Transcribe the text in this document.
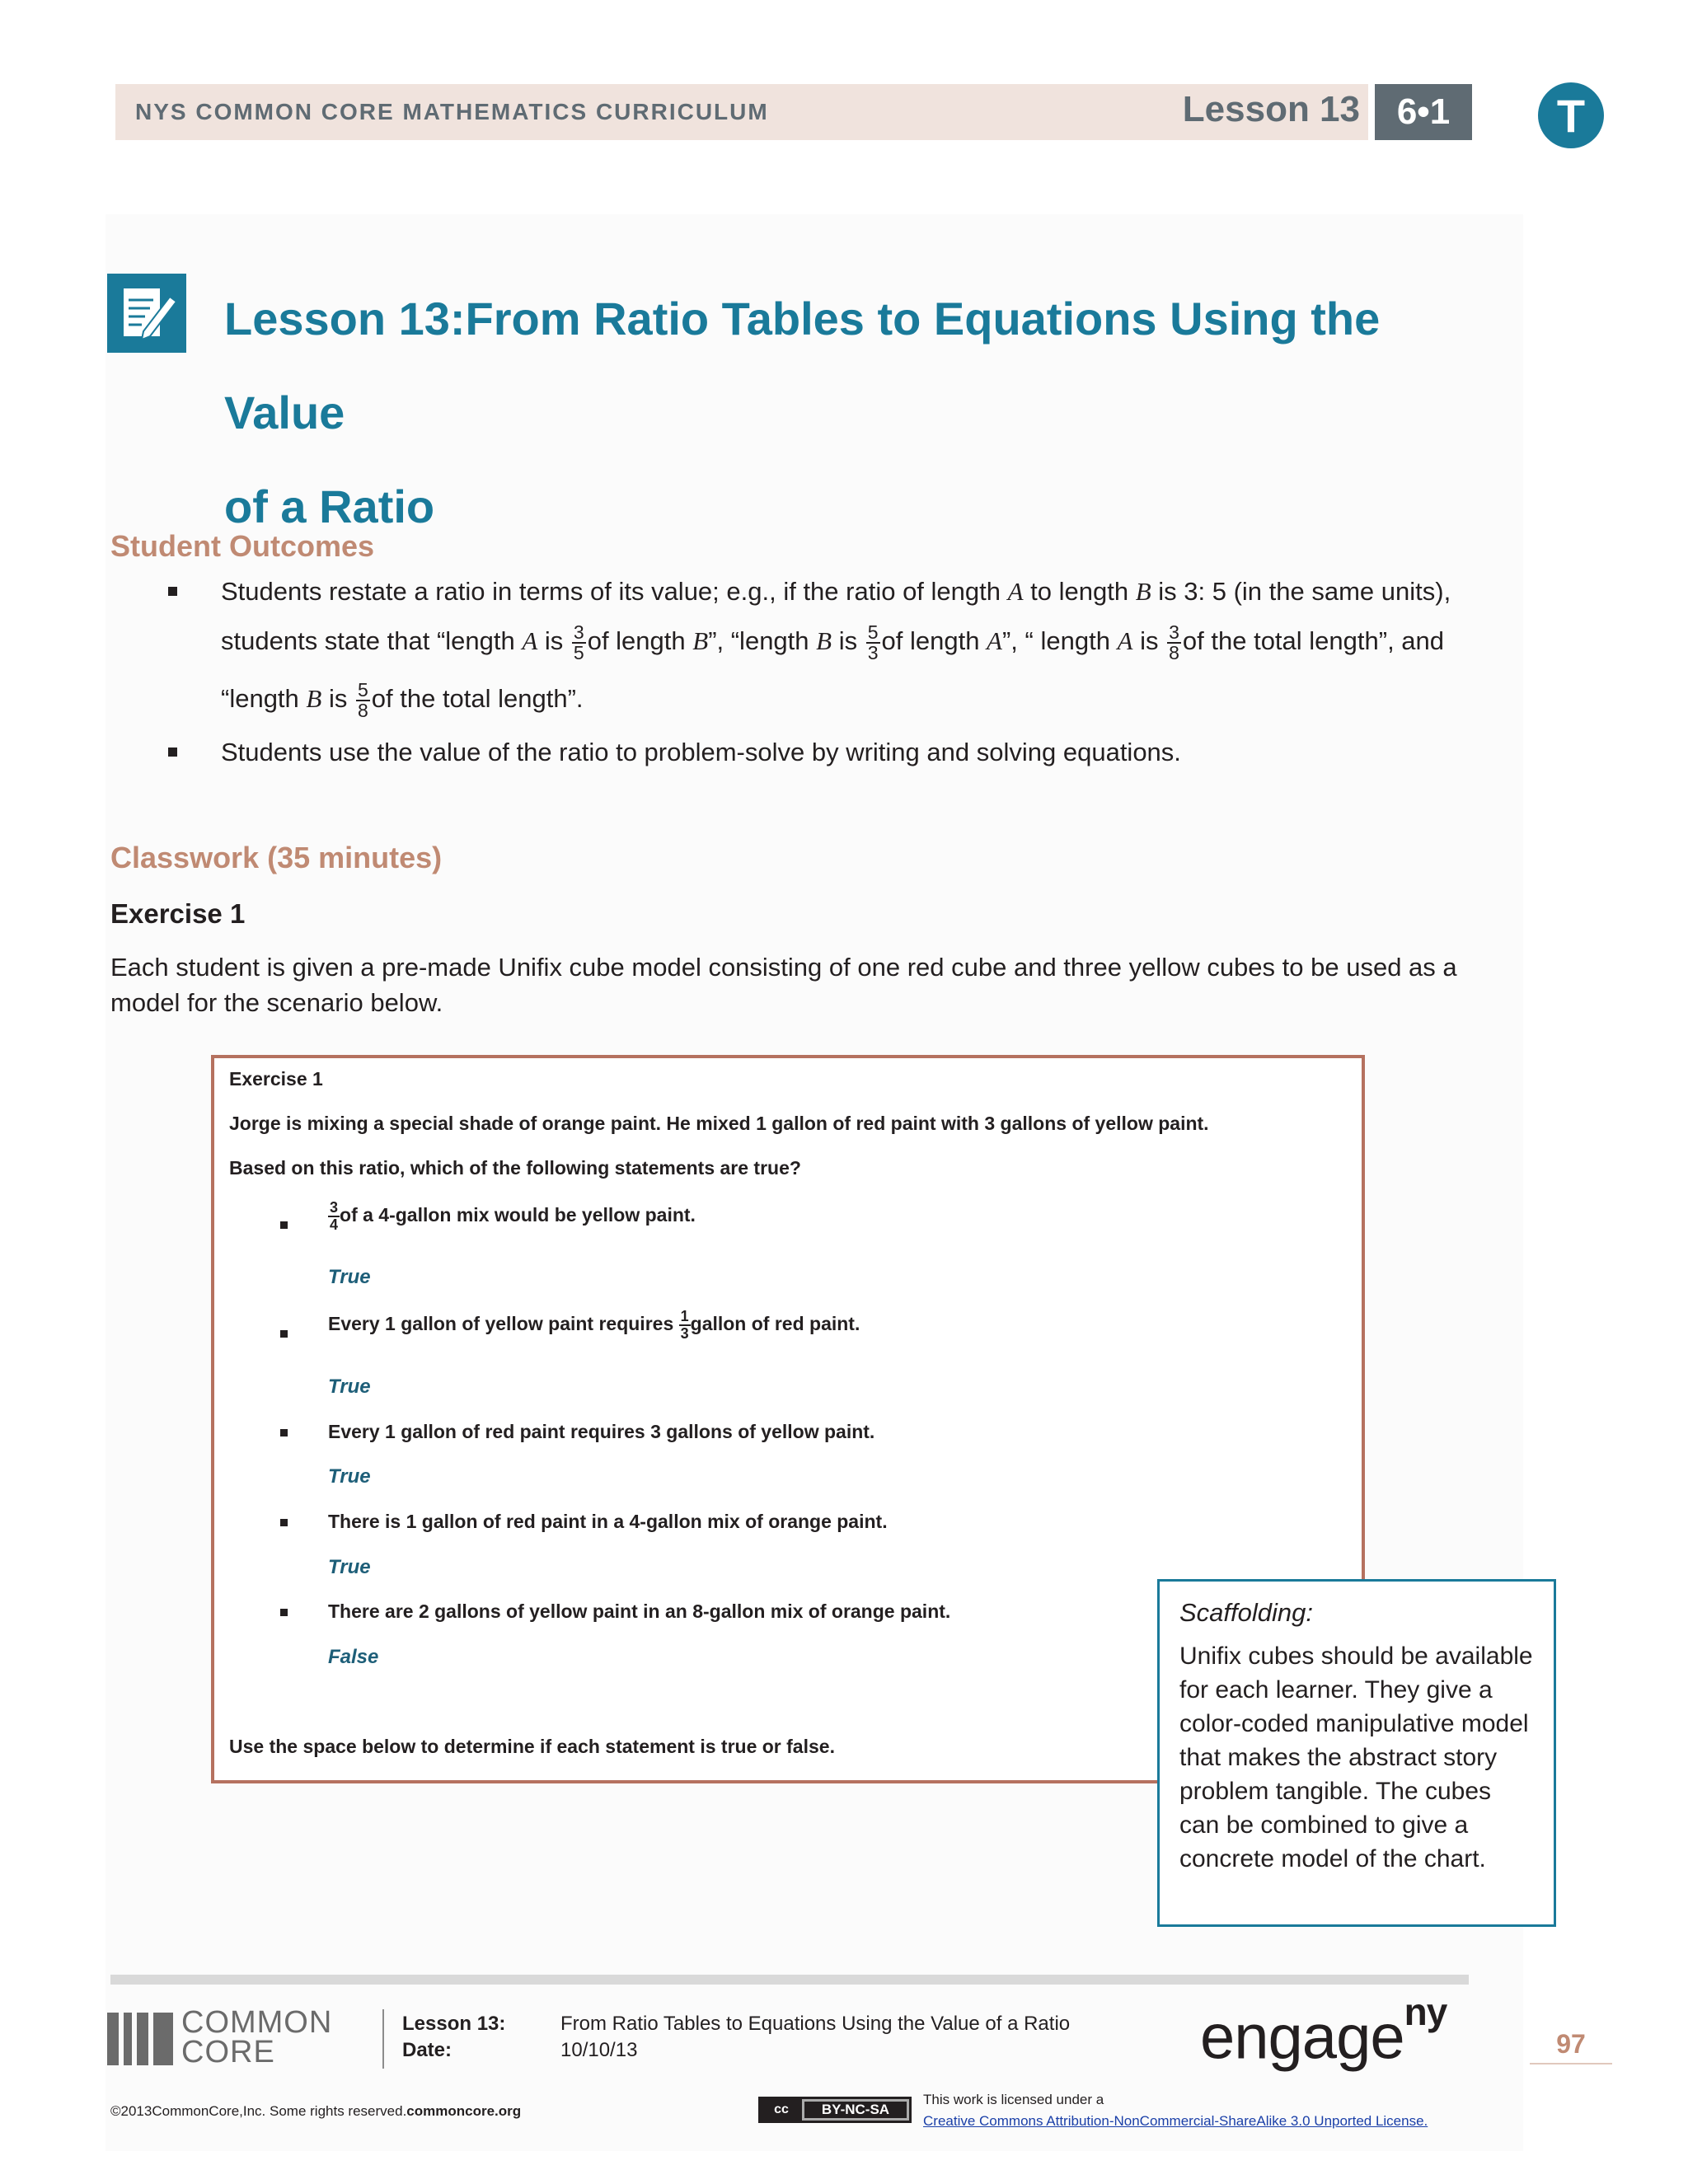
NYS COMMON CORE MATHEMATICS CURRICULUM	Lesson 13	6•1	T
Lesson 13:From Ratio Tables to Equations Using the Value
of a Ratio
Student Outcomes
Students restate a ratio in terms of its value; e.g., if the ratio of length A to length B is 3: 5 (in the same units),
students state that “length A is $\frac{3}{5}$ of length B”, “length B is $\frac{5}{3}$ of length A”, “ length A is $\frac{3}{8}$ of the total length”, and
“length B is $\frac{5}{8}$ of the total length”.
Students use the value of the ratio to problem-solve by writing and solving equations.
Classwork (35 minutes)
Exercise 1
Each student is given a pre-made Unifix cube model consisting of one red cube and three yellow cubes to be used as a
model for the scenario below.
Exercise 1
Jorge is mixing a special shade of orange paint. He mixed 1 gallon of red paint with 3 gallons of yellow paint.
Based on this ratio, which of the following statements are true?
$\frac{3}{4}$ of a 4-gallon mix would be yellow paint.
True
Every 1 gallon of yellow paint requires $\frac{1}{3}$ gallon of red paint.
True
Every 1 gallon of red paint requires 3 gallons of yellow paint.
True
There is 1 gallon of red paint in a 4-gallon mix of orange paint.
True
There are 2 gallons of yellow paint in an 8-gallon mix of orange paint.
False
Use the space below to determine if each statement is true or false.
Scaffolding:
Unifix cubes should be available for each learner. They give a color-coded manipulative model that makes the abstract story problem tangible. The cubes can be combined to give a concrete model of the chart.
COMMON
CORE
Lesson 13:	From Ratio Tables to Equations Using the Value of a Ratio
Date:	10/10/13	engage$^{ny}$
97
©2013CommonCore,Inc. Some rights reserved.commoncore.org	cc	BY-NC-SA
This work is licensed under a
Creative Commons Attribution-NonCommercial-ShareAlike 3.0 Unported License.
